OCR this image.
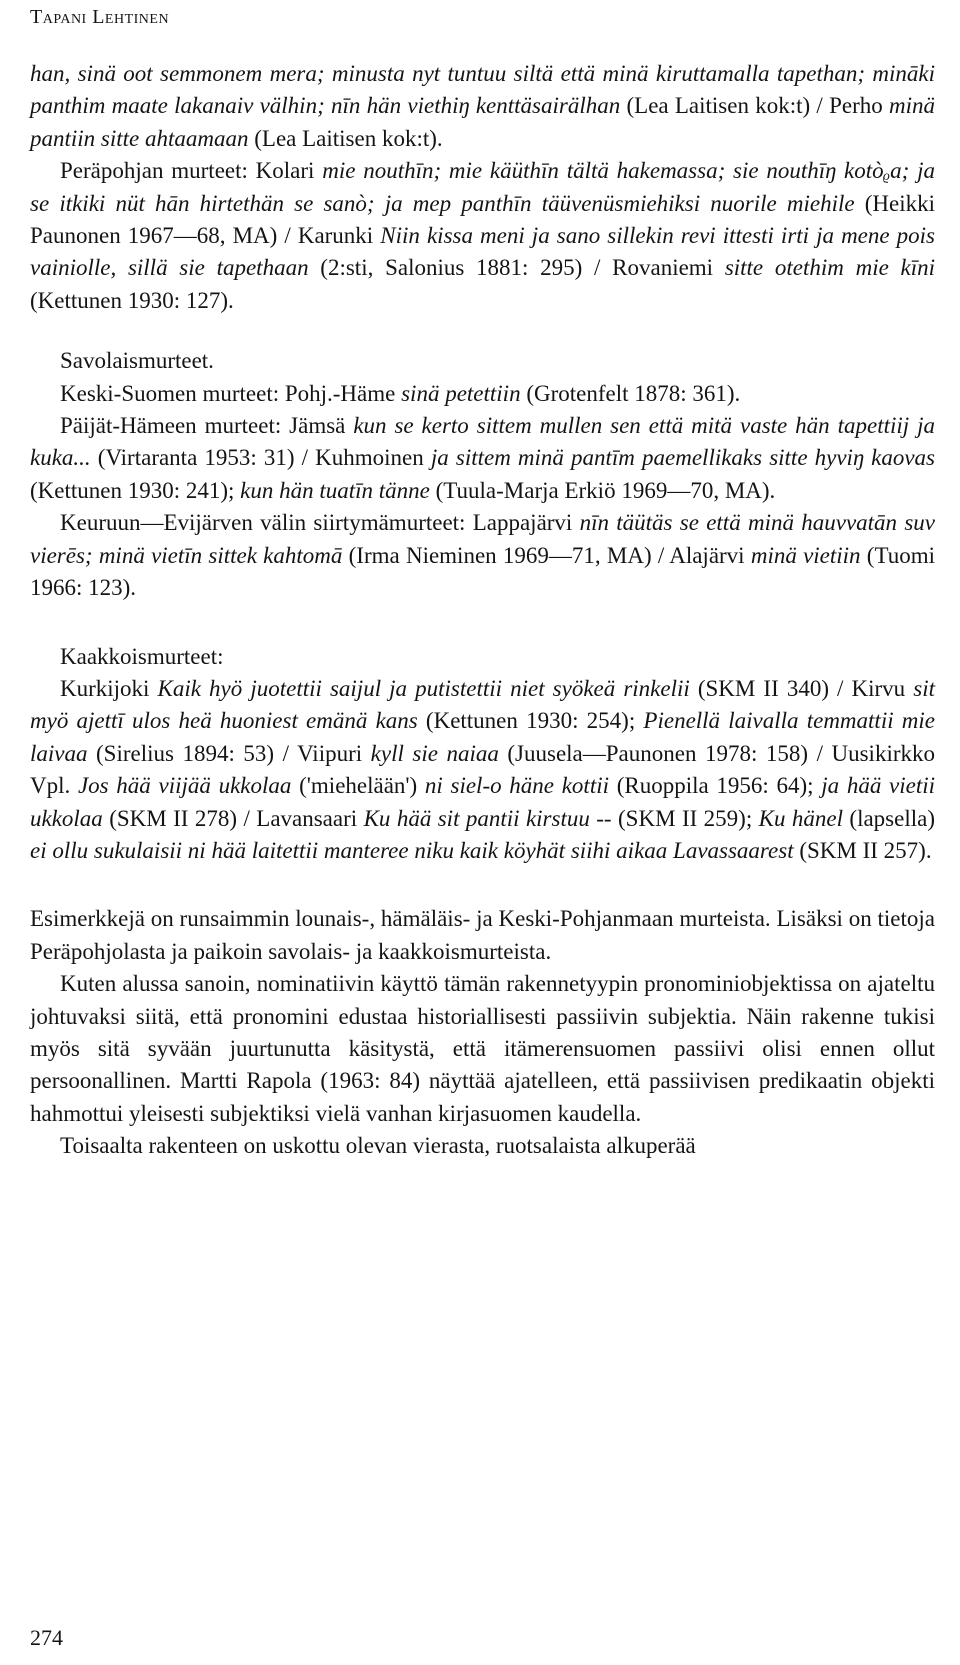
Tapani Lehtinen

han, sinä oot semmonem mera; minusta nyt tuntuu siltä että minä kiruttamalla tapethan; mināki panthim maate lakanaiv välhin; nīn hän viethiŋ kenttäsairälhan (Lea Laitisen kok:t) / Perho minä pantiin sitte ahtaamaan (Lea Laitisen kok:t).

Peräpohjan murteet: Kolari mie nouthīn; mie käüthīn tältä hakemassa; sie nouthīŋ kotòᵨa; ja se itkiki nüt hān hirtethän se sanò; ja mep panthīn täüvenüsmiehiksi nuorile miehile (Heikki Paunonen 1967—68, MA) / Karunki Niin kissa meni ja sano sillekin revi ittesti irti ja mene pois vainiolle, sillä sie tapethaan (2:sti, Salonius 1881: 295) / Rovaniemi sitte otethim mie kīni (Kettunen 1930: 127).

Savolaismurteet.

Keski-Suomen murteet: Pohj.-Häme sinä petettiin (Grotenfelt 1878: 361).

Päijät-Hämeen murteet: Jämsä kun se kerto sittem mullen sen että mitä vaste hän tapettiij ja kuka... (Virtaranta 1953: 31) / Kuhmoinen ja sittem minä pantīm paemellikaks sitte hyviŋ kaovas (Kettunen 1930: 241); kun hän tuatīn tänne (Tuula-Marja Erkiö 1969—70, MA).

Keuruun—Evijärven välin siirtymämurteet: Lappajärvi nīn täütäs se että minä hauvvatān suv vierēs; minä vietīn sittek kahtomā (Irma Nieminen 1969—71, MA) / Alajärvi minä vietiin (Tuomi 1966: 123).

Kaakkoismurteet:

Kurkijoki Kaik hyö juotettii saijul ja putistettii niet syökeä rinkelii (SKM II 340) / Kirvu sit myö ajettī ulos heä huoniest emänä kans (Kettunen 1930: 254); Pienellä laivalla temmattii mie laivaa (Sirelius 1894: 53) / Viipuri kyll sie naiaa (Juusela—Paunonen 1978: 158) / Uusikirkko Vpl. Jos hää viijää ukkolaa ('miehelään') ni siel-o häne kottii (Ruoppila 1956: 64); ja hää vietii ukkolaa (SKM II 278) / Lavansaari Ku hää sit pantii kirstuu -- (SKM II 259); Ku hänel (lapsella) ei ollu sukulaisii ni hää laitettii manteree niku kaik köyhät siihi aikaa Lavassaarest (SKM II 257).

Esimerkkejä on runsaimmin lounais-, hämäläis- ja Keski-Pohjanmaan murteista. Lisäksi on tietoja Peräpohjolasta ja paikoin savolais- ja kaakkoismurteista.

Kuten alussa sanoin, nominatiivin käyttö tämän rakennetyypin pronominiobjektissa on ajateltu johtuvaksi siitä, että pronomini edustaa historiallisesti passiivin subjektia. Näin rakenne tukisi myös sitä syvään juurtunutta käsitystä, että itämerensuomen passiivi olisi ennen ollut persoonallinen. Martti Rapola (1963: 84) näyttää ajatelleen, että passiivisen predikaatin objekti hahmottui yleisesti subjektiksi vielä vanhan kirjasuomen kaudella.

Toisaalta rakenteen on uskottu olevan vierasta, ruotsalaista alkuperää

274
